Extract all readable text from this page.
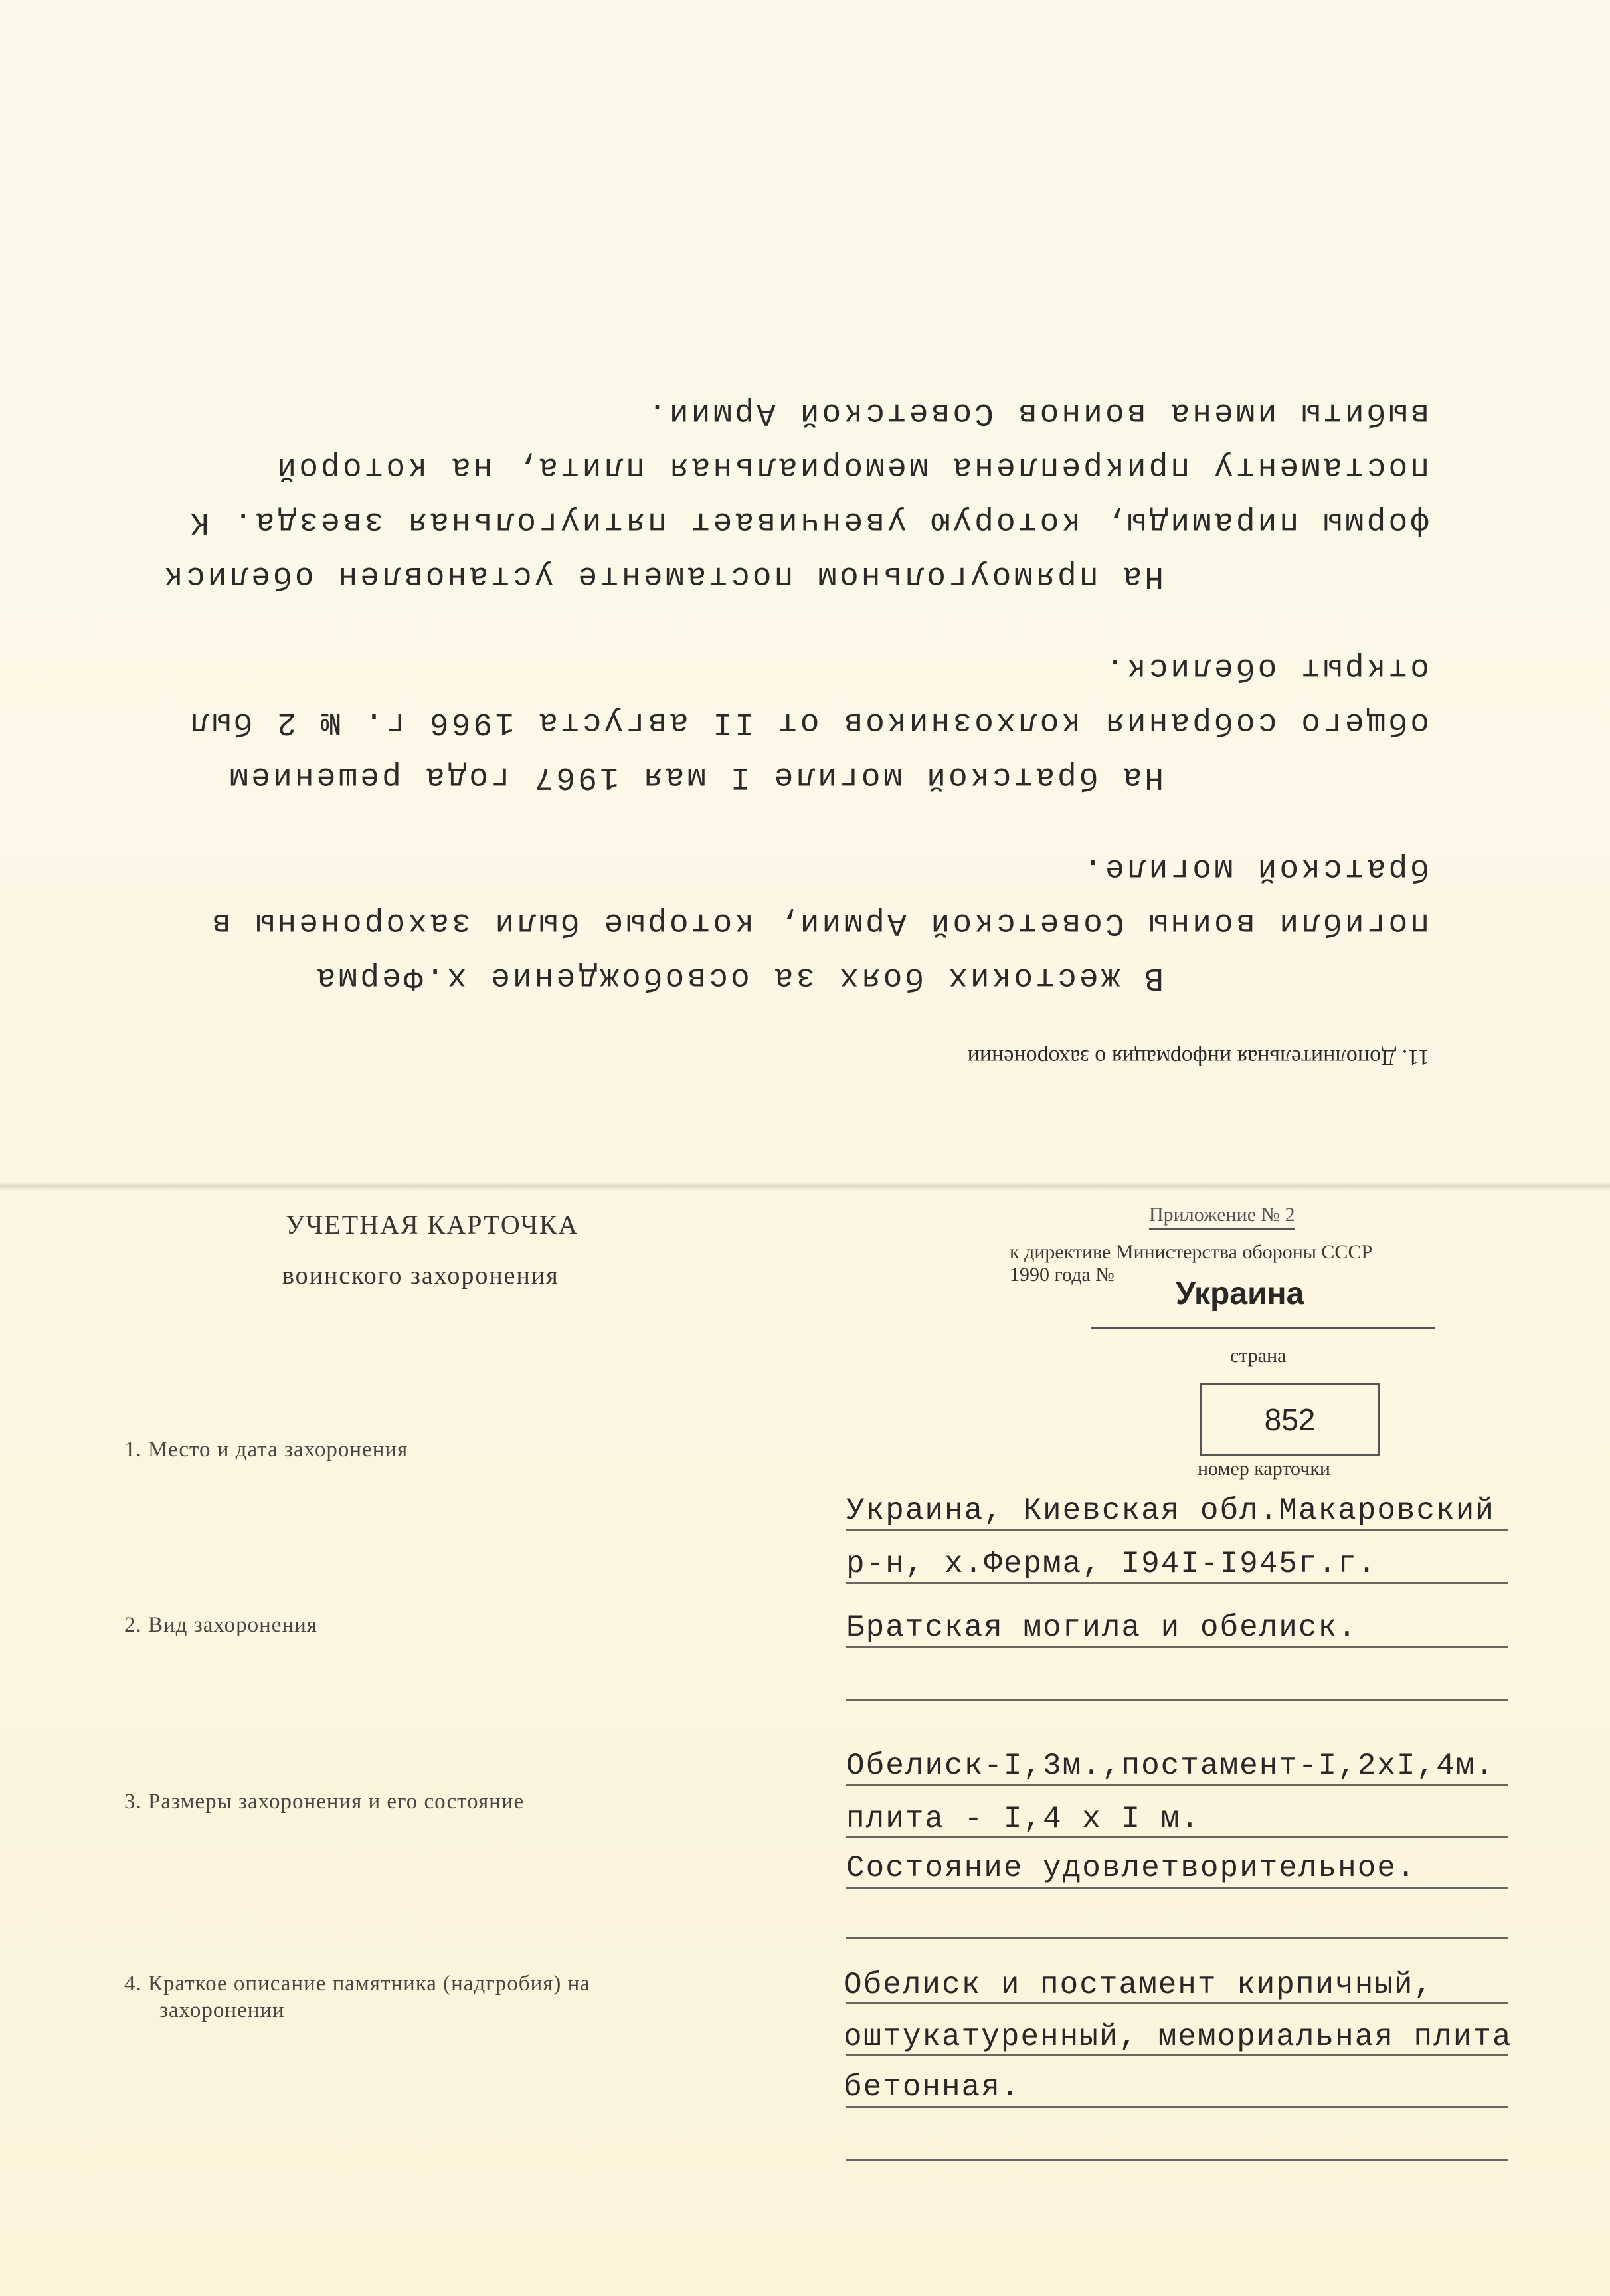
11. Дополнительная информация о захоронении

В жестоких боях за освобождение х.Ферма погибли воины Советской Армии, которые были захоронены в братской могиле.

На братской могиле I мая 1967 года решением общего собрания колхозников от II августа 1966 г. № 2 был открыт обелиск.

На прямоугольном постаменте установлен обелиск формы пирамиды, которую увенчивает пятиугольная звезда. К постаменту прикреплена мемориальная плита, на которой выбиты имена воинов Советской Армии.

УЧЕТНАЯ КАРТОЧКА
воинского захоронения
Приложение № 2
к директиве Министерства обороны СССР
1990 года №
Украина
страна
852
номер карточки
1. Место и дата захоронения
Украина, Киевская обл.Макаровский
р-н, х.Ферма, I94I-I945г.г.
2. Вид захоронения	Братская могила и обелиск.
3. Размеры захоронения и его состояние
Обелиск-I,3м.,постамент-I,2xI,4м.
плита - I,4 x I м.
Состояние удовлетворительное.
4. Краткое описание памятника (надгробия) на
захоронении
Обелиск и постамент кирпичный,
оштукатуренный, мемориальная плита
бетонная.
